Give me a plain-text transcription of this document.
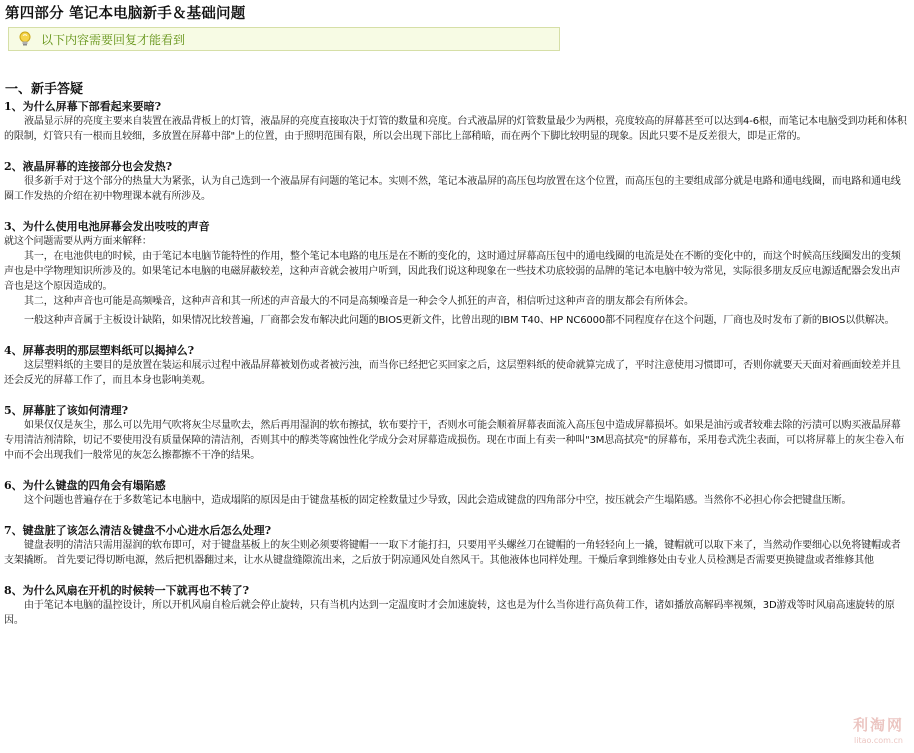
第四部分 笔记本电脑新手＆基础问题
以下内容需要回复才能看到
一、新手答疑
1、为什么屏幕下部看起来要暗?

液晶显示屏的亮度主要来自装置在液晶背板上的灯管，液晶屏的亮度直接取决于灯管的数量和亮度。台式液晶屏的灯管数量最少为两根，亮度较高的屏幕甚至可以达到4-6根，而笔记本电脑受到功耗和体积的限制，灯管只有一根而且较细，多放置在屏幕中部"上的位置，由于照明范围有限，所以会出现下部比上部稍暗，而在两个下脚比较明显的现象。因此只要不是反差很大，即是正常的。

2、液晶屏幕的连接部分也会发热?

很多新手对于这个部分的热量大为紧张，认为自己选到一个液晶屏有问题的笔记本。实则不然，笔记本液晶屏的高压包均放置在这个位置，而高压包的主要组成部分就是电路和通电线圈，而电路和通电线圈工作发热的介绍在初中物理课本就有所涉及。

3、为什么使用电池屏幕会发出吱吱的声音

就这个问题需要从两方面来解释：

其一，在电池供电的时候，由于笔记本电脑节能特性的作用，整个笔记本电路的电压是在不断的变化的，这时通过屏幕高压包中的通电线圈的电流是处在不断的变化中的，而这个时候高压线圈发出的变频声也是中学物理知识所涉及的。如果笔记本电脑的电磁屏蔽较差，这种声音就会被用户听到，因此我们说这种现象在一些技术功底较弱的品牌的笔记本电脑中较为常见，实际很多朋友反应电源适配器会发出声音也是这个原因造成的。

其二，这种声音也可能是高频噪音，这种声音和其一所述的声音最大的不同是高频噪音是一种会令人抓狂的声音，相信听过这种声音的朋友都会有所体会。

一般这种声音属于主板设计缺陷，如果情况比较普遍，厂商都会发布解决此问题的BIOS更新文件，比曾出现的IBM T40、HP NC6000都不同程度存在这个问题，厂商也及时发布了新的BIOS以供解决。

4、屏幕表明的那层塑料纸可以揭掉么?

这层塑料纸的主要目的是放置在装运和展示过程中液晶屏幕被划伤或者被污浊，而当你已经把它买回家之后，这层塑料纸的使命就算完成了，平时注意使用习惯即可，否则你就要天天面对着画面较差并且还会反光的屏幕工作了，而且本身也影响美观。

5、屏幕脏了该如何清理?

如果仅仅是灰尘，那么可以先用气吹将灰尘尽量吹去，然后再用湿润的软布擦拭，软布要拧干，否则水可能会顺着屏幕表面流入高压包中造成屏幕损坏。如果是油污或者较难去除的污渍可以购买液晶屏幕专用清洁剂清除，切记不要使用没有质量保障的清洁剂，否则其中的醇类等腐蚀性化学成分会对屏幕造成损伤。现在市面上有卖一种叫"3M思高拭亮"的屏幕布，采用卷式洗尘表面，可以将屏幕上的灰尘卷入布中而不会出现我们一般常见的灰怎么擦都擦不干净的结果。

6、为什么键盘的四角会有塌陷感

这个问题也普遍存在于多数笔记本电脑中，造成塌陷的原因是由于键盘基板的固定栓数量过少导致，因此会造成键盘的四角部分中空，按压就会产生塌陷感。当然你不必担心你会把键盘压断。

7、键盘脏了该怎么清洁＆键盘不小心进水后怎么处理?

键盘表明的清洁只需用湿润的软布即可，对于键盘基板上的灰尘则必须要将键帽一一取下才能打扫，只要用平头螺丝刀在键帽的一角轻轻向上一撬，键帽就可以取下来了，当然动作要细心以免将键帽或者支架撬断。 首先要记得切断电源，然后把机器翻过来，让水从键盘缝隙流出来，之后放于阴凉通风处自然风干。其他液体也同样处理。干燥后拿到维修处由专业人员检测是否需要更换键盘或者维修其他

8、为什么风扇在开机的时候转一下就再也不转了?

由于笔记本电脑的温控设计，所以开机风扇自检后就会停止旋转，只有当机内达到一定温度时才会加速旋转，这也是为什么当你进行高负荷工作，诸如播放高解码率视频，3D游戏等时风扇高速旋转的原因。

利淘网
litao.com.cn
